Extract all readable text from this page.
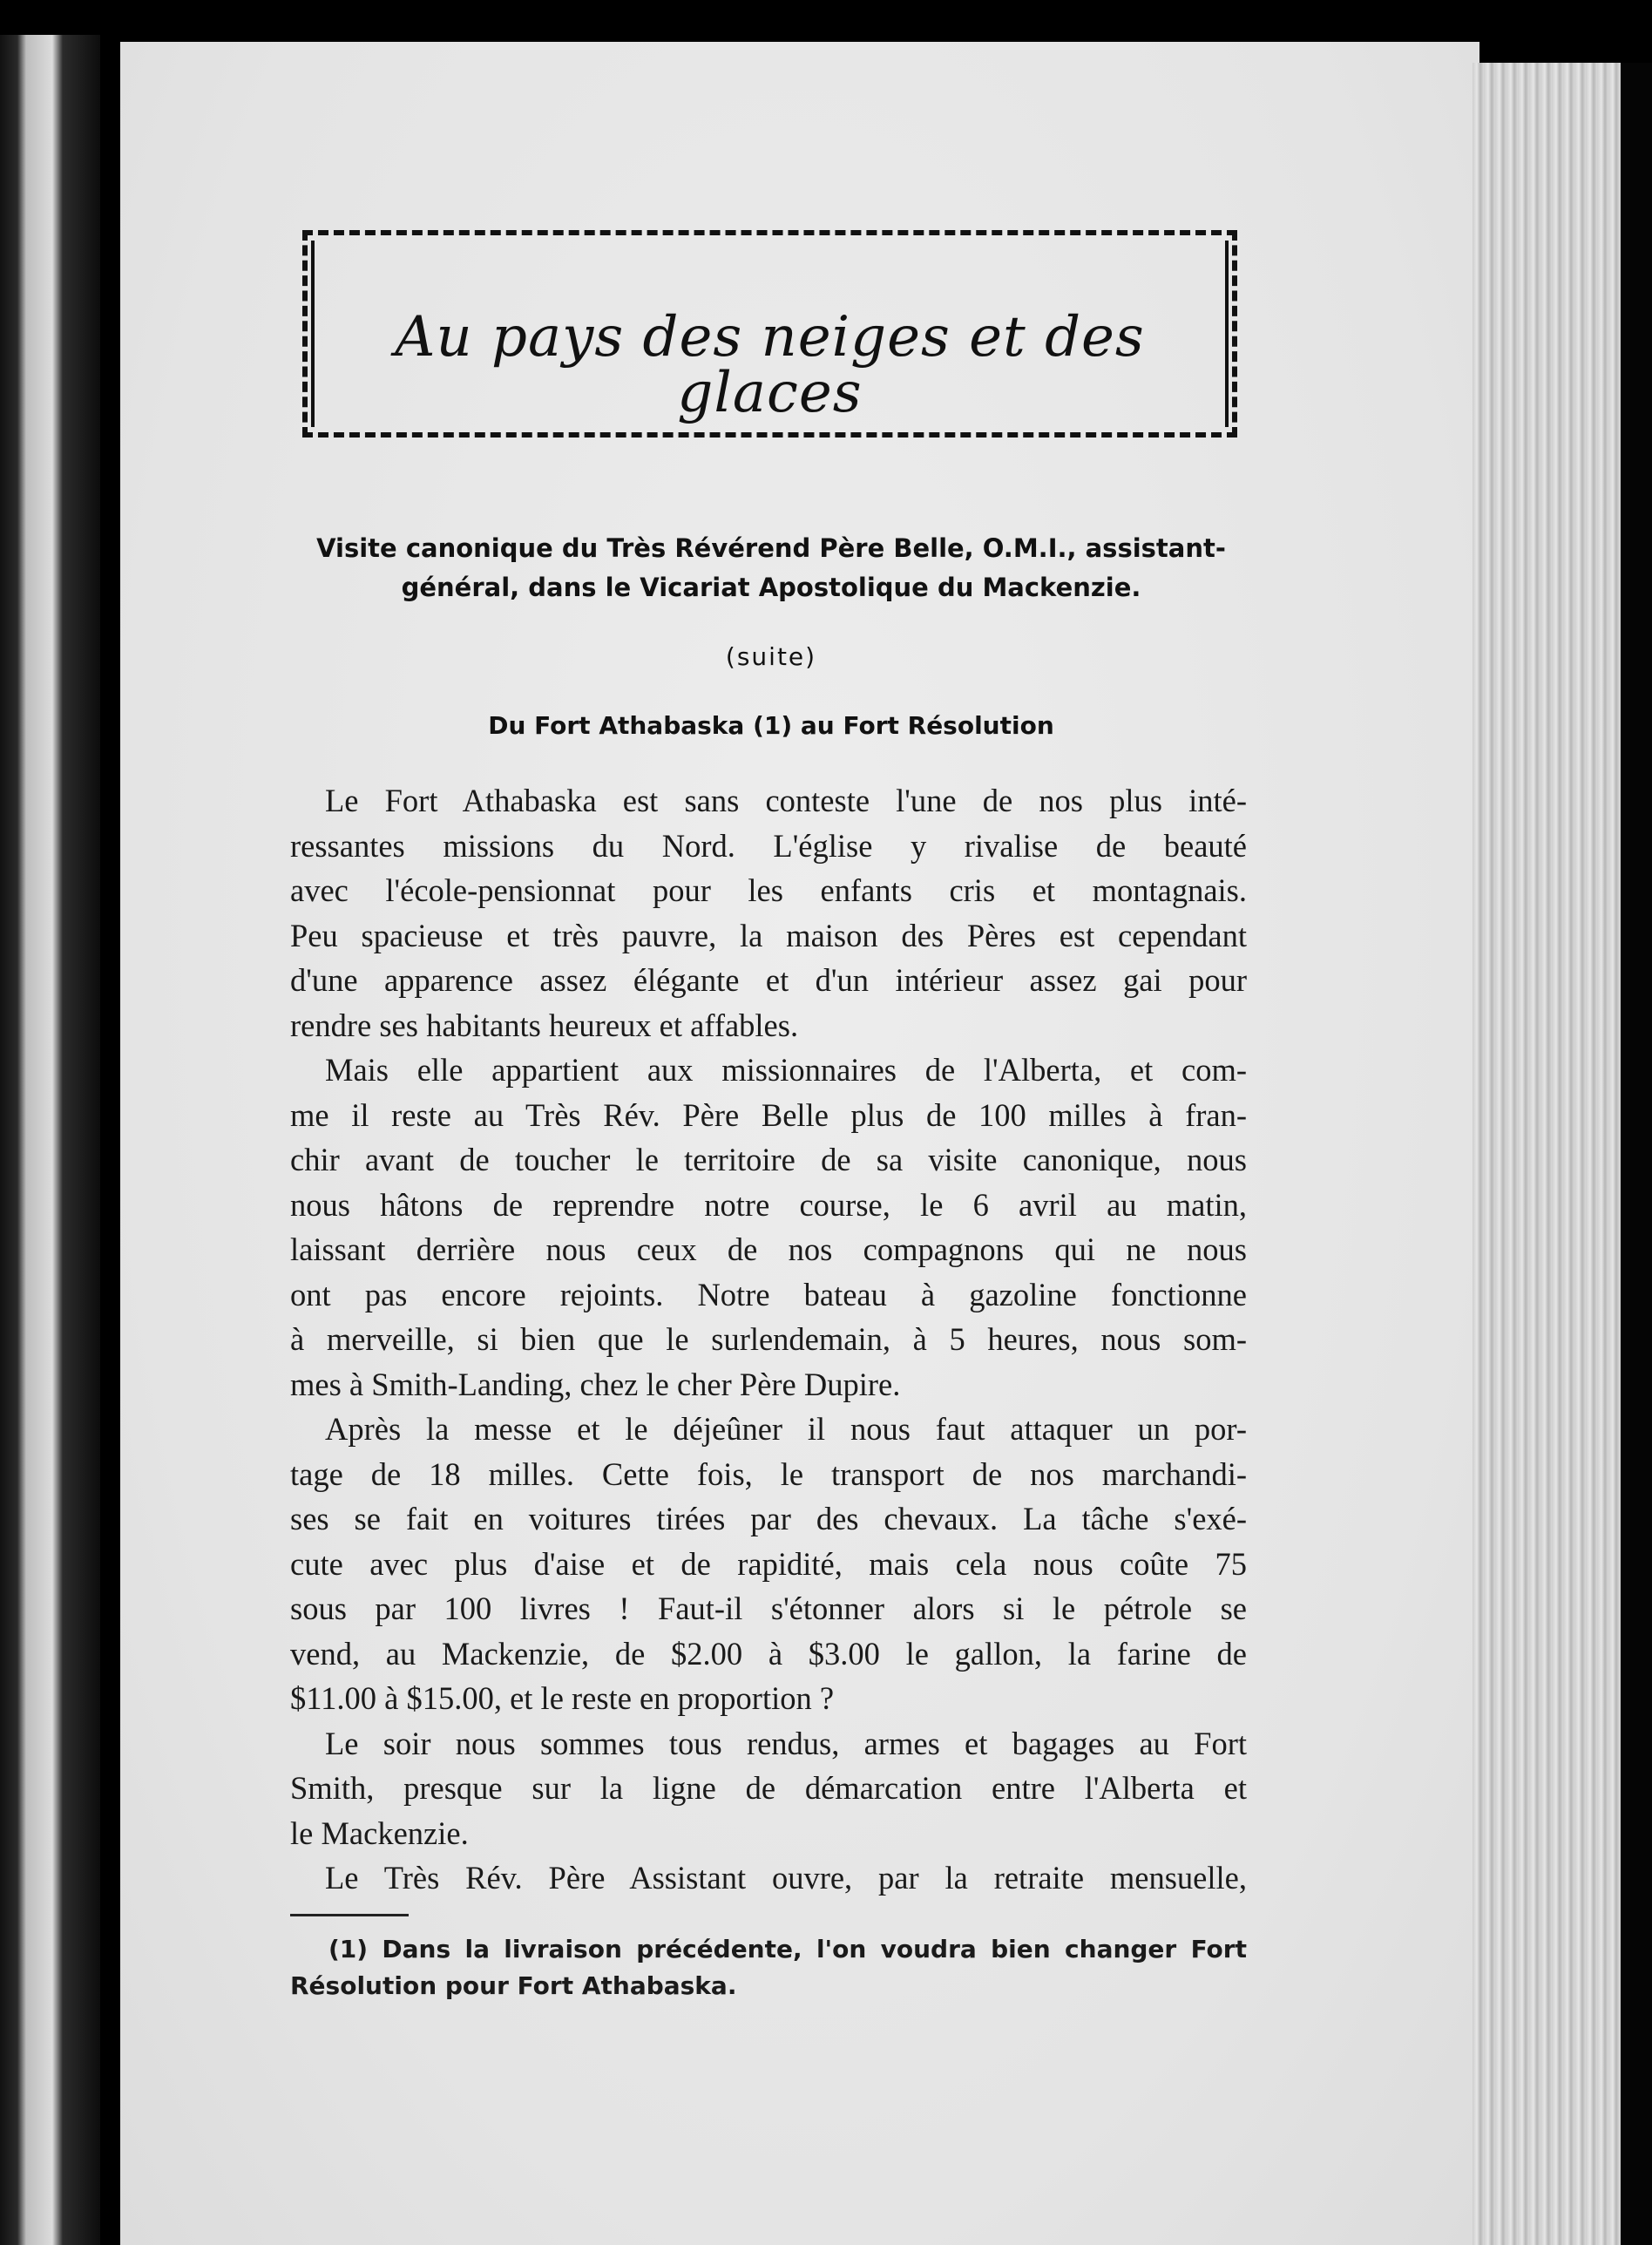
Au pays des neiges et des glaces
Visite canonique du Très Révérend Père Belle, O.M.I., assistant-
général, dans le Vicariat Apostolique du Mackenzie.
(suite)
Du Fort Athabaska (1) au Fort Résolution
Le Fort Athabaska est sans conteste l'une de nos plus inté-
ressantes missions du Nord. L'église y rivalise de beauté
avec l'école-pensionnat pour les enfants cris et montagnais.
Peu spacieuse et très pauvre, la maison des Pères est cependant
d'une apparence assez élégante et d'un intérieur assez gai pour
rendre ses habitants heureux et affables.
Mais elle appartient aux missionnaires de l'Alberta, et com-
me il reste au Très Rév. Père Belle plus de 100 milles à fran-
chir avant de toucher le territoire de sa visite canonique, nous
nous hâtons de reprendre notre course, le 6 avril au matin,
laissant derrière nous ceux de nos compagnons qui ne nous
ont pas encore rejoints. Notre bateau à gazoline fonctionne
à merveille, si bien que le surlendemain, à 5 heures, nous som-
mes à Smith-Landing, chez le cher Père Dupire.
Après la messe et le déjeûner il nous faut attaquer un por-
tage de 18 milles. Cette fois, le transport de nos marchandi-
ses se fait en voitures tirées par des chevaux. La tâche s'exé-
cute avec plus d'aise et de rapidité, mais cela nous coûte 75
sous par 100 livres ! Faut-il s'étonner alors si le pétrole se
vend, au Mackenzie, de $2.00 à $3.00 le gallon, la farine de
$11.00 à $15.00, et le reste en proportion ?
Le soir nous sommes tous rendus, armes et bagages au Fort
Smith, presque sur la ligne de démarcation entre l'Alberta et
le Mackenzie.
Le Très Rév. Père Assistant ouvre, par la retraite mensuelle,
(1) Dans la livraison précédente, l'on voudra bien changer Fort
Résolution pour Fort Athabaska.
